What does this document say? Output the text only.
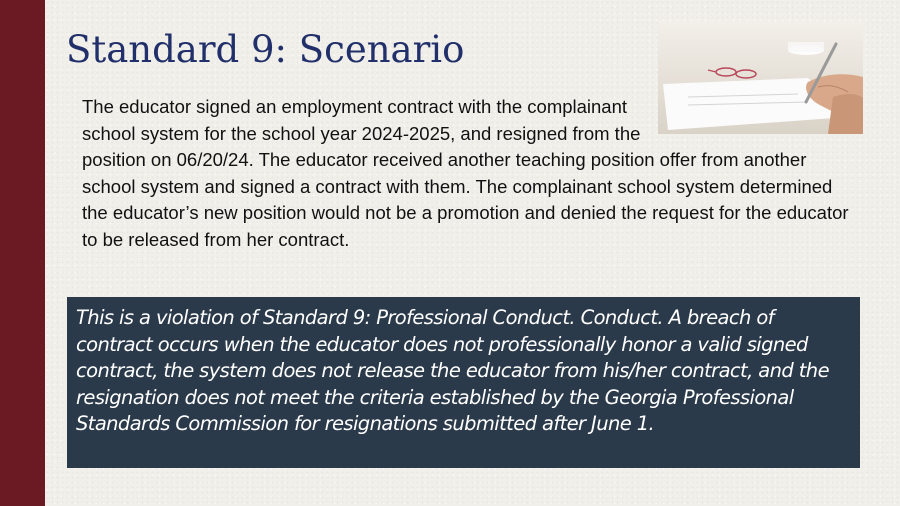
Standard 9: Scenario

The educator signed an employment contract with the complainant school system for the school year 2024-2025, and resigned from the position on 06/20/24. The educator received another teaching position offer from another school system and signed a contract with them. The complainant school system determined the educator’s new position would not be a promotion and denied the request for the educator to be released from her contract.

This is a violation of Standard 9: Professional Conduct. Conduct. A breach of contract occurs when the educator does not professionally honor a valid signed contract, the system does not release the educator from his/her contract, and the resignation does not meet the criteria established by the Georgia Professional Standards Commission for resignations submitted after June 1.
